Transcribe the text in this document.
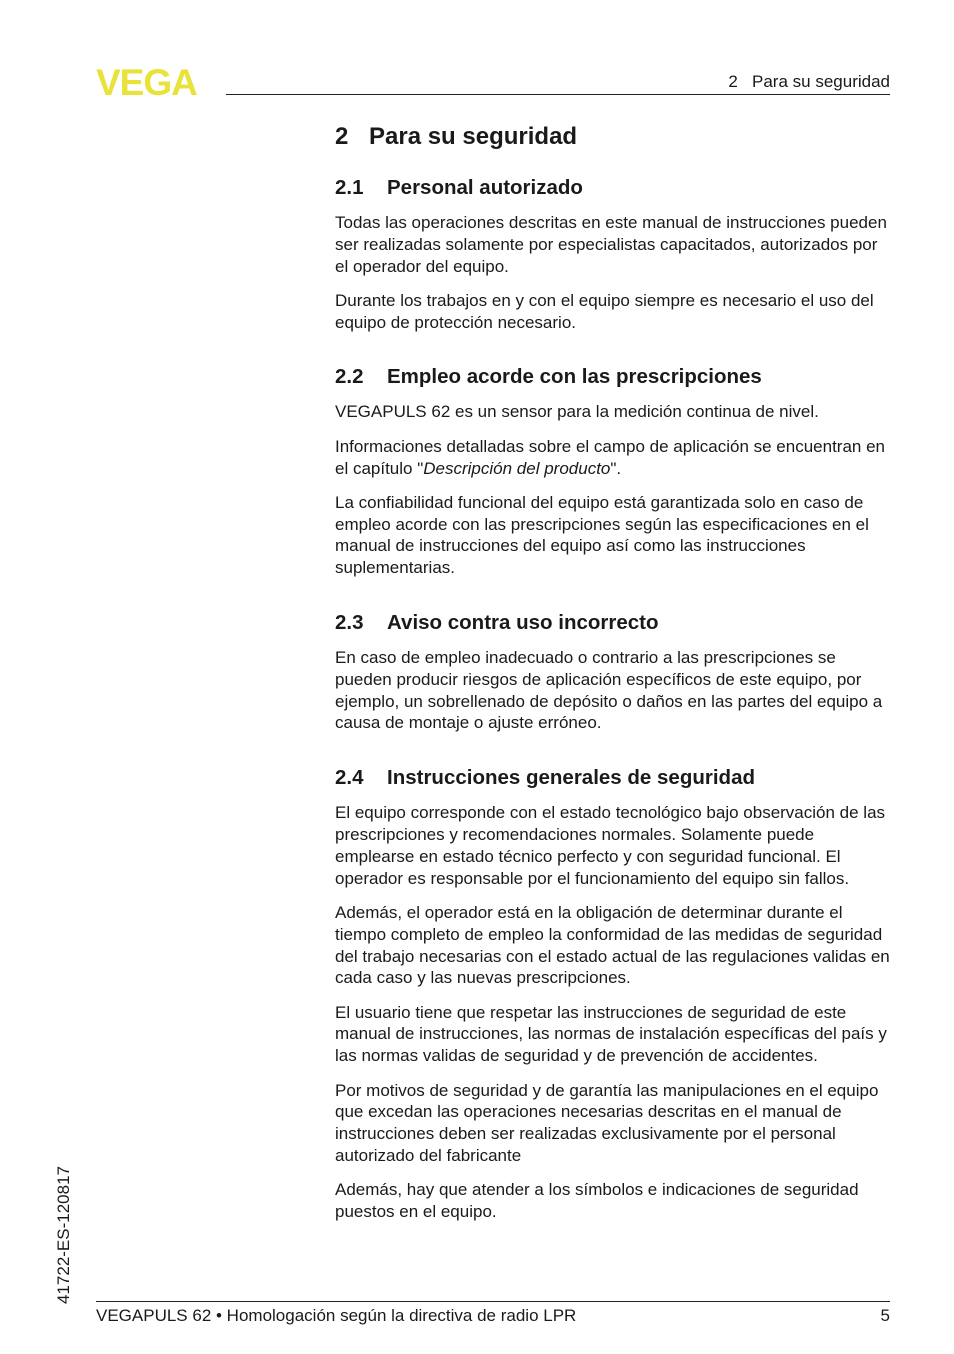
VEGA	2   Para su seguridad
2 Para su seguridad
2.1 Personal autorizado

Todas las operaciones descritas en este manual de instrucciones pueden ser realizadas solamente por especialistas capacitados, autorizados por el operador del equipo.

Durante los trabajos en y con el equipo siempre es necesario el uso del equipo de protección necesario.

2.2 Empleo acorde con las prescripciones

VEGAPULS 62 es un sensor para la medición continua de nivel.

Informaciones detalladas sobre el campo de aplicación se encuentran en el capítulo "Descripción del producto".

La confiabilidad funcional del equipo está garantizada solo en caso de empleo acorde con las prescripciones según las especificaciones en el manual de instrucciones del equipo así como las instrucciones suplementarias.

2.3 Aviso contra uso incorrecto

En caso de empleo inadecuado o contrario a las prescripciones se pueden producir riesgos de aplicación específicos de este equipo, por ejemplo, un sobrellenado de depósito o daños en las partes del equipo a causa de montaje o ajuste erróneo.

2.4 Instrucciones generales de seguridad

El equipo corresponde con el estado tecnológico bajo observación de las prescripciones y recomendaciones normales. Solamente puede emplearse en estado técnico perfecto y con seguridad funcional. El operador es responsable por el funcionamiento del equipo sin fallos.

Además, el operador está en la obligación de determinar durante el tiempo completo de empleo la conformidad de las medidas de seguridad del trabajo necesarias con el estado actual de las regulaciones validas en cada caso y las nuevas prescripciones.

El usuario tiene que respetar las instrucciones de seguridad de este manual de instrucciones, las normas de instalación específicas del país y las normas validas de seguridad y de prevención de accidentes.

Por motivos de seguridad y de garantía las manipulaciones en el equipo que excedan las operaciones necesarias descritas en el manual de instrucciones deben ser realizadas exclusivamente por el personal autorizado del fabricante

Además, hay que atender a los símbolos e indicaciones de seguridad puestos en el equipo.

41722-ES-120817
VEGAPULS 62 • Homologación según la directiva de radio LPR	5
